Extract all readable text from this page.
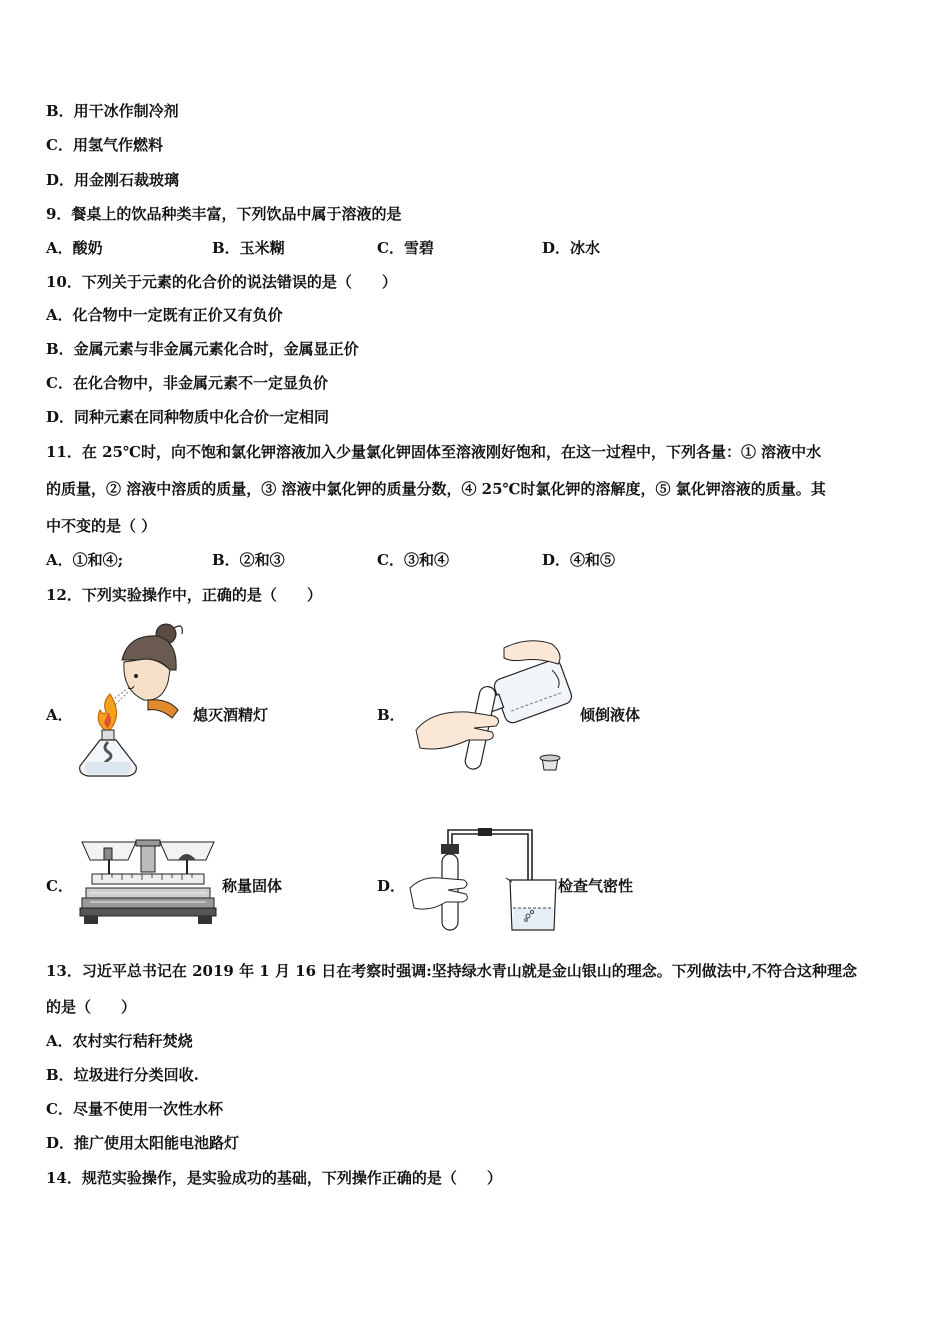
B．用干冰作制冷剂
C．用氢气作燃料
D．用金刚石裁玻璃
9．餐桌上的饮品种类丰富，下列饮品中属于溶液的是
A．酸奶	B．玉米糊	C．雪碧	D．冰水
10．下列关于元素的化合价的说法错误的是（　　）
A．化合物中一定既有正价又有负价
B．金属元素与非金属元素化合时，金属显正价
C．在化合物中，非金属元素不一定显负价
D．同种元素在同种物质中化合价一定相同
11．在 25℃时，向不饱和氯化钾溶液加入少量氯化钾固体至溶液刚好饱和，在这一过程中，下列各量：① 溶液中水
的质量，② 溶液中溶质的质量，③ 溶液中氯化钾的质量分数，④ 25℃时氯化钾的溶解度，⑤ 氯化钾溶液的质量。其
中不变的是（ ）
A．①和④;	B．②和③	C．③和④	D．④和⑤
12．下列实验操作中，正确的是（　　）
A．	熄灭酒精灯	B．	倾倒液体
C．	称量固体	D．	检查气密性
13．习近平总书记在 2019 年 1 月 16 日在考察时强调:坚持绿水青山就是金山银山的理念。下列做法中,不符合这种理念
的是（　　）
A．农村实行秸秆焚烧
B．垃圾进行分类回收.
C．尽量不使用一次性水杯
D．推广使用太阳能电池路灯
14．规范实验操作，是实验成功的基础，下列操作正确的是（　　）
